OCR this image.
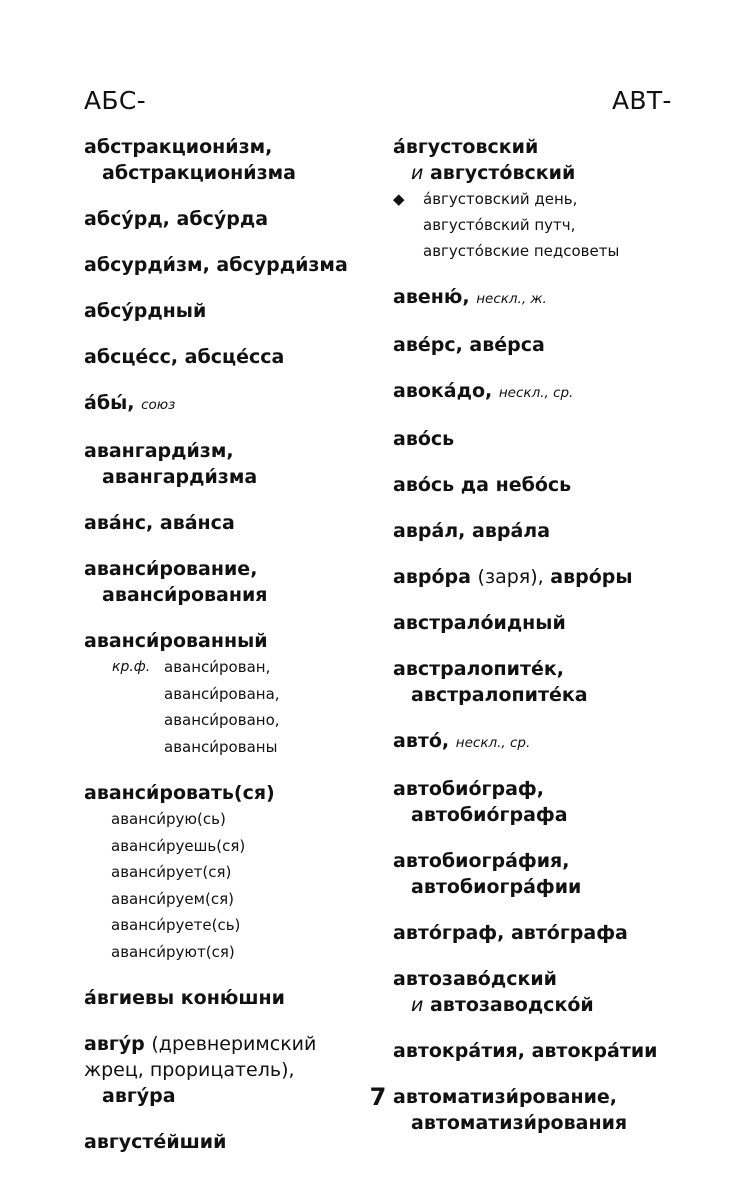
АБС-	АВТ-
абстракциони́зм,
абстракциони́зма
абсу́рд, абсу́рда
абсурди́зм, абсурди́зма
абсу́рдный
абсце́сс, абсце́сса
а́бы́, союз
авангарди́зм,
авангарди́зма
ава́нс, ава́нса
аванси́рование,
аванси́рования
аванси́рованный
кр.ф. аванси́рован,
аванси́рована,
аванси́ровано,
аванси́рованы
аванси́ровать(ся)
аванси́рую(сь)
аванси́руешь(ся)
аванси́рует(ся)
аванси́руем(ся)
аванси́руете(сь)
аванси́руют(ся)
а́вгиевы коню́шни
авгу́р (древнеримский
жрец, прорицатель),
авгу́ра
августе́йший
а́вгустовский
и августо́вский
◆ а́вгустовский день,
августо́вский путч,
августо́вские педсоветы
авеню́, нескл., ж.
аве́рс, аве́рса
авока́до, нескл., ср.
аво́сь
аво́сь да небо́сь
авра́л, авра́ла
авро́ра (заря), авро́ры
австрало́идный
австралопите́к,
австралопите́ка
авто́, нескл., ср.
автобио́граф,
автобио́графа
автобиогра́фия,
автобиогра́фии
авто́граф, авто́графа
автозаво́дский
и автозаводско́й
автокра́тия, автокра́тии
автоматизи́рование,
автоматизи́рования
7
